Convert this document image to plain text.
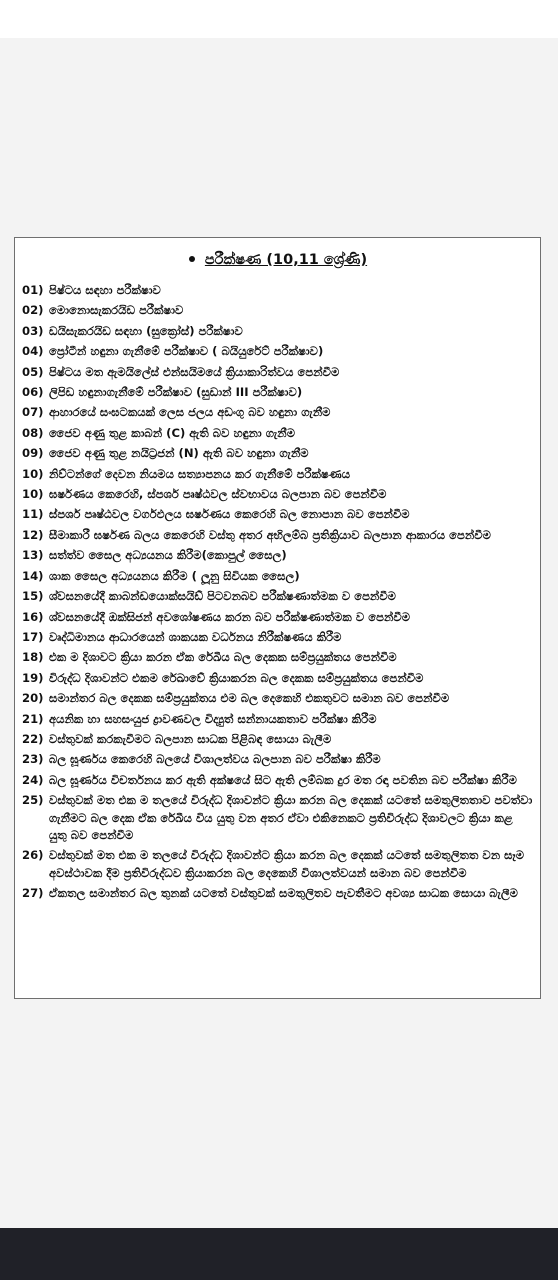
පරීක්ෂණ (10,11 ශ්‍රේණි)
01) පිෂ්ටය සඳහා පරීක්ෂාව
02) මොනොසැකරයිඩ පරීක්ෂාව
03) ඩයිසැකරයිඩ සඳහා (සුක්‍රෝස්) පරීක්ෂාව
04) ප්‍රෝටීන් හඳුනා ගැනීමේ පරීක්ෂාව ( බයියුරේට් පරීක්ෂාව)
05) පිෂ්ටය මත ඇමයිලේස් එන්සයිමයේ ක්‍රියාකාරිත්වය පෙන්වීම
06) ලිපිඩ හඳුනාගැනීමේ පරීක්ෂාව (සුඩාන් III පරීක්ෂාව)
07) ආහාරයේ සංඝටකයක් ලෙස ජලය අඩංගු බව හඳුනා ගැනීම
08) ජෛව අණු තුළ කාබන් (C) ඇති බව හඳුනා ගැනීම
09) ජෛව අණු තුළ නයිට්‍රජන් (N) ඇති බව හඳුනා ගැනීම
10) නිව්ටන්ගේ දෙවන නියමය සත්‍යාපනය කර ගැනීමේ පරීක්ෂණය
10) ඝර්ෂණය කෙරෙහි, ස්පර්ශ පෘෂ්ඨවල ස්වභාවය බලපාන බව පෙන්වීම
11) ස්පර්ශ පෘෂ්ඨවල වර්ගඵලය ඝර්ෂණය කෙරෙහි බල නොපාන බව පෙන්වීම
12) සීමාකාරී ඝර්ෂණ බලය කෙරෙහි වස්තු අතර අභිලම්බ ප්‍රතික්‍රියාව බලපාන ආකාරය පෙන්වීම
13) සත්ත්ව සෛල අධ්‍යයනය කිරීම(කොපුල් සෛල)
14) ශාක සෛල අධ්‍යයනය කිරීම ( ලූනු සිවියක සෛල)
15) ශ්වසනයේදී කාබන්ඩයොක්සයිඩ් පිටවනබව පරීක්ෂණාත්මක ව පෙන්වීම
16) ශ්වසනයේදී ඔක්සිජන් අවශෝෂණය කරන බව පරීක්ෂණාත්මක ව පෙන්වීම
17) වෘද්ධිමානය ආධාරයෙන් ශාකයක වර්ධනය නිරීක්ෂණය කිරීම
18) එක ම දිශාවට ක්‍රියා කරන ඒක රේඛීය බල දෙකක සම්ප්‍රයුක්තය පෙන්වීම
19) විරුද්ධ දිශාවන්ට එකම රේඛාවේ ක්‍රියාකරන බල දෙකක සම්ප්‍රයුක්තය පෙන්වීම
20) සමාන්තර බල දෙකක සම්ප්‍රයුක්තය එම බල දෙකෙහි එකතුවට සමාන බව පෙන්වීම
21) අයනික හා සහසංයුජ ද්‍රාවණවල විද්‍යුත් සන්නායකතාව පරීක්ෂා කිරීම
22) වස්තුවක් කරකැවීමට බලපාන සාධක පිළිබඳ සොයා බැලීම
23) බල ඝූර්ණය කෙරෙහි බලයේ විශාලත්වය බලපාන බව පරීක්ෂා කිරීම
24) බල ඝූර්ණය විචර්තනය කර ඇති අක්ෂයේ සිට ඇති ලම්බක දුර මත රඳා පවතින බව පරීක්ෂා කිරීම
25) වස්තුවක් මත එක ම තලයේ විරුද්ධ දිශාවන්ට ක්‍රියා කරන බල දෙකක් යටතේ සමතුලිතතාව පවත්වා ගැනීමට බල දෙක ඒක රේඛීය විය යුතු වන අතර ඒවා එකිනෙකට ප්‍රතිවිරුද්ධ දිශාවලට ක්‍රියා කළ යුතු බව පෙන්වීම
26) වස්තුවක් මත එක ම තලයේ විරුද්ධ දිශාවන්ට ක්‍රියා කරන බල දෙකක් යටතේ සමතුලිතත වන සෑම අවස්ථාවක දීම ප්‍රතිවිරුද්ධව ක්‍රියාකරන බල දෙකෙහි විශාලත්වයන් සමාන බව පෙන්වීම
27) ඒකතල සමාන්තර බල තුනක් යටතේ වස්තුවක් සමතුලිතව පැවතීමට අවශ්‍ය සාධක සොයා බැලීම
